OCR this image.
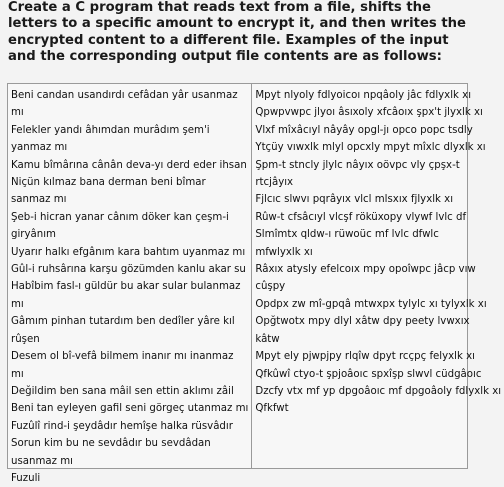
Create a C program that reads text from a file, shifts the letters to a specific amount to encrypt it, and then writes the encrypted content to a different file. Examples of the input and the corresponding output file contents are as follows:

Beni candan usandırdı cefâdan yâr usanmaz
mı
Felekler yandı âhımdan murâdım şem'i
yanmaz mı
Kamu bîmârına cânân deva-yı derd eder ihsan
Niçün kılmaz bana derman beni bîmar
sanmaz mı
Şeb-i hicran yanar cânım döker kan çeşm-i
giryânım
Uyarır halkı efgânım kara bahtım uyanmaz mı
Gûl-i ruhsârına karşu gözümden kanlu akar su
Habîbim fasl-ı güldür bu akar sular bulanmaz
mı
Gâmım pinhan tutardım ben dedîler yâre kıl
rûşen
Desem ol bî-vefâ bilmem inanır mı inanmaz
mı
Değildim ben sana mâil sen ettin aklımı zâil
Beni tan eyleyen gafil seni görgeç utanmaz mı
Fuzûlî rind-i şeydâdır hemîşe halka rüsvâdır
Sorun kim bu ne sevdâdır bu sevdâdan
usanmaz mı
Fuzuli
Mpyt nlyoly fdlyoicoı npqâoly jâc fdlyxlk xı
Qpwpvwpc jlyoı âsıxoly xfcâoıx şpx't jlyxlk xı
Vlxf mîxâcıyl nâyây opgl-jı opco popc tsdly
Ytçüy vıwxlk mlyl opcxly mpyt mîxlc dlyxlk xı
Şpm-t stncly jlylc nâyıx oövpc vly çpşx-t
rtcjâyıx
Fjlcıc slwvı pqrâyıx vlcl mlsxıx fjlyxlk xı
Rûw-t cfsâcıyl vlcşf röküxopy vlywf lvlc df
Slmîmtx qldw-ı rüwoüc mf lvlc dfwlc
mfwlyxlk xı
Râxıx atysly efelcoıx mpy opoîwpc jâcp vıw
cûşpy
Opdpx zw mî-gpqâ mtwxpx tylylc xı tylyxlk xı
Opğtwotx mpy dlyl xâtw dpy peety lvwxıx
kâtw
Mpyt ely pjwpjpy rlqîw dpyt rcçpç felyxlk xı
Qfkûwî ctyo-t şpjoâoıc spxîşp slwvl cüdgâoıc
Dzcfy vtx mf yp dpgoâoıc mf dpgoâoly fdlyxlk xı
Qfkfwt
